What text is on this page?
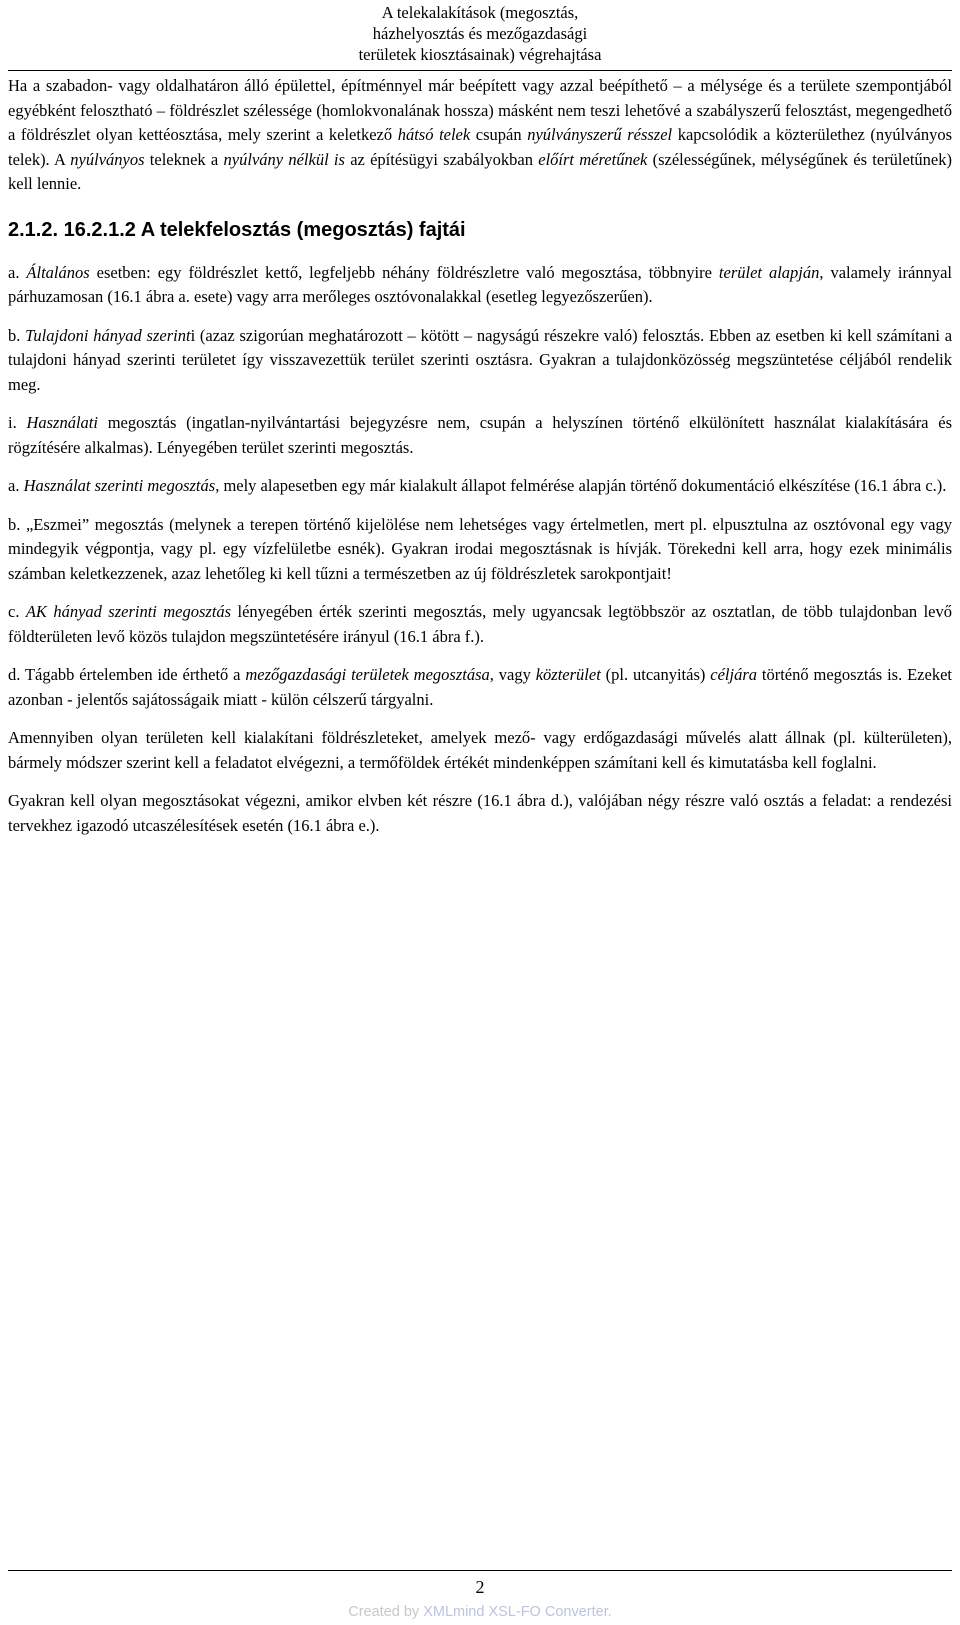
A telekalakítások (megosztás,
házhelyosztás és mezőgazdasági
területek kiosztásainak) végrehajtása

Ha a szabadon- vagy oldalhatáron álló épülettel, építménnyel már beépített vagy azzal beépíthető – a mélysége és a területe szempontjából egyébként felosztható – földrészlet szélessége (homlokvonalának hossza) másként nem teszi lehetővé a szabályszerű felosztást, megengedhető a földrészlet olyan kettéosztása, mely szerint a keletkező hátsó telek csupán nyúlványszerű résszel kapcsolódik a közterülethez (nyúlványos telek). A nyúlványos teleknek a nyúlvány nélkül is az építésügyi szabályokban előírt méretűnek (szélességűnek, mélységűnek és területűnek) kell lennie.

2.1.2. 16.2.1.2 A telekfelosztás (megosztás) fajtái

a. Általános esetben: egy földrészlet kettő, legfeljebb néhány földrészletre való megosztása, többnyire terület alapján, valamely iránnyal párhuzamosan (16.1 ábra a. esete) vagy arra merőleges osztóvonalakkal (esetleg legyezőszerűen).

b. Tulajdoni hányad szerinti (azaz szigorúan meghatározott – kötött – nagyságú részekre való) felosztás. Ebben az esetben ki kell számítani a tulajdoni hányad szerinti területet így visszavezettük terület szerinti osztásra. Gyakran a tulajdonközösség megszüntetése céljából rendelik meg.

i. Használati megosztás (ingatlan-nyilvántartási bejegyzésre nem, csupán a helyszínen történő elkülönített használat kialakítására és rögzítésére alkalmas). Lényegében terület szerinti megosztás.

a. Használat szerinti megosztás, mely alapesetben egy már kialakult állapot felmérése alapján történő dokumentáció elkészítése (16.1 ábra c.).

b. „Eszmei” megosztás (melynek a terepen történő kijelölése nem lehetséges vagy értelmetlen, mert pl. elpusztulna az osztóvonal egy vagy mindegyik végpontja, vagy pl. egy vízfelületbe esnék). Gyakran irodai megosztásnak is hívják. Törekedni kell arra, hogy ezek minimális számban keletkezzenek, azaz lehetőleg ki kell tűzni a természetben az új földrészletek sarokpontjait!

c. AK hányad szerinti megosztás lényegében érték szerinti megosztás, mely ugyancsak legtöbbször az osztatlan, de több tulajdonban levő földterületen levő közös tulajdon megszüntetésére irányul (16.1 ábra f.).

d. Tágabb értelemben ide érthető a mezőgazdasági területek megosztása, vagy közterület (pl. utcanyitás) céljára történő megosztás is. Ezeket azonban - jelentős sajátosságaik miatt - külön célszerű tárgyalni.

Amennyiben olyan területen kell kialakítani földrészleteket, amelyek mező- vagy erdőgazdasági művelés alatt állnak (pl. külterületen), bármely módszer szerint kell a feladatot elvégezni, a termőföldek értékét mindenképpen számítani kell és kimutatásba kell foglalni.

Gyakran kell olyan megosztásokat végezni, amikor elvben két részre (16.1 ábra d.), valójában négy részre való osztás a feladat: a rendezési tervekhez igazodó utcaszélesítések esetén (16.1 ábra e.).

2
Created by XMLmind XSL-FO Converter.
